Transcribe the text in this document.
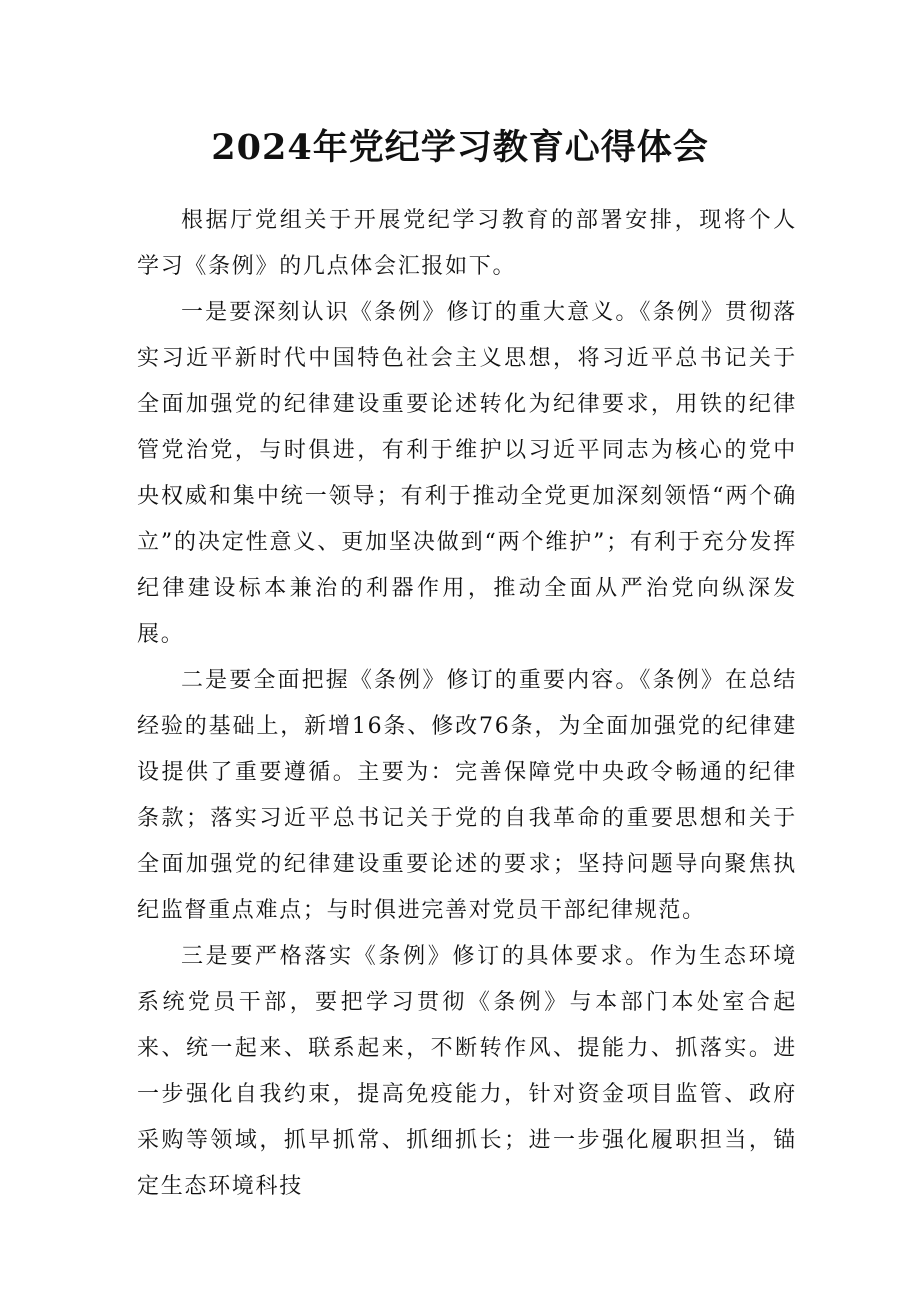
2024年党纪学习教育心得体会

根据厅党组关于开展党纪学习教育的部署安排，现将个人学习《条例》的几点体会汇报如下。

一是要深刻认识《条例》修订的重大意义。《条例》贯彻落实习近平新时代中国特色社会主义思想，将习近平总书记关于全面加强党的纪律建设重要论述转化为纪律要求，用铁的纪律管党治党，与时俱进，有利于维护以习近平同志为核心的党中央权威和集中统一领导；有利于推动全党更加深刻领悟“两个确立”的决定性意义、更加坚决做到“两个维护”；有利于充分发挥纪律建设标本兼治的利器作用，推动全面从严治党向纵深发展。

二是要全面把握《条例》修订的重要内容。《条例》在总结经验的基础上，新增16条、修改76条，为全面加强党的纪律建设提供了重要遵循。主要为：完善保障党中央政令畅通的纪律条款；落实习近平总书记关于党的自我革命的重要思想和关于全面加强党的纪律建设重要论述的要求；坚持问题导向聚焦执纪监督重点难点；与时俱进完善对党员干部纪律规范。

三是要严格落实《条例》修订的具体要求。作为生态环境系统党员干部，要把学习贯彻《条例》与本部门本处室合起来、统一起来、联系起来，不断转作风、提能力、抓落实。进一步强化自我约束，提高免疫能力，针对资金项目监管、政府采购等领域，抓早抓常、抓细抓长；进一步强化履职担当，锚定生态环境科技
